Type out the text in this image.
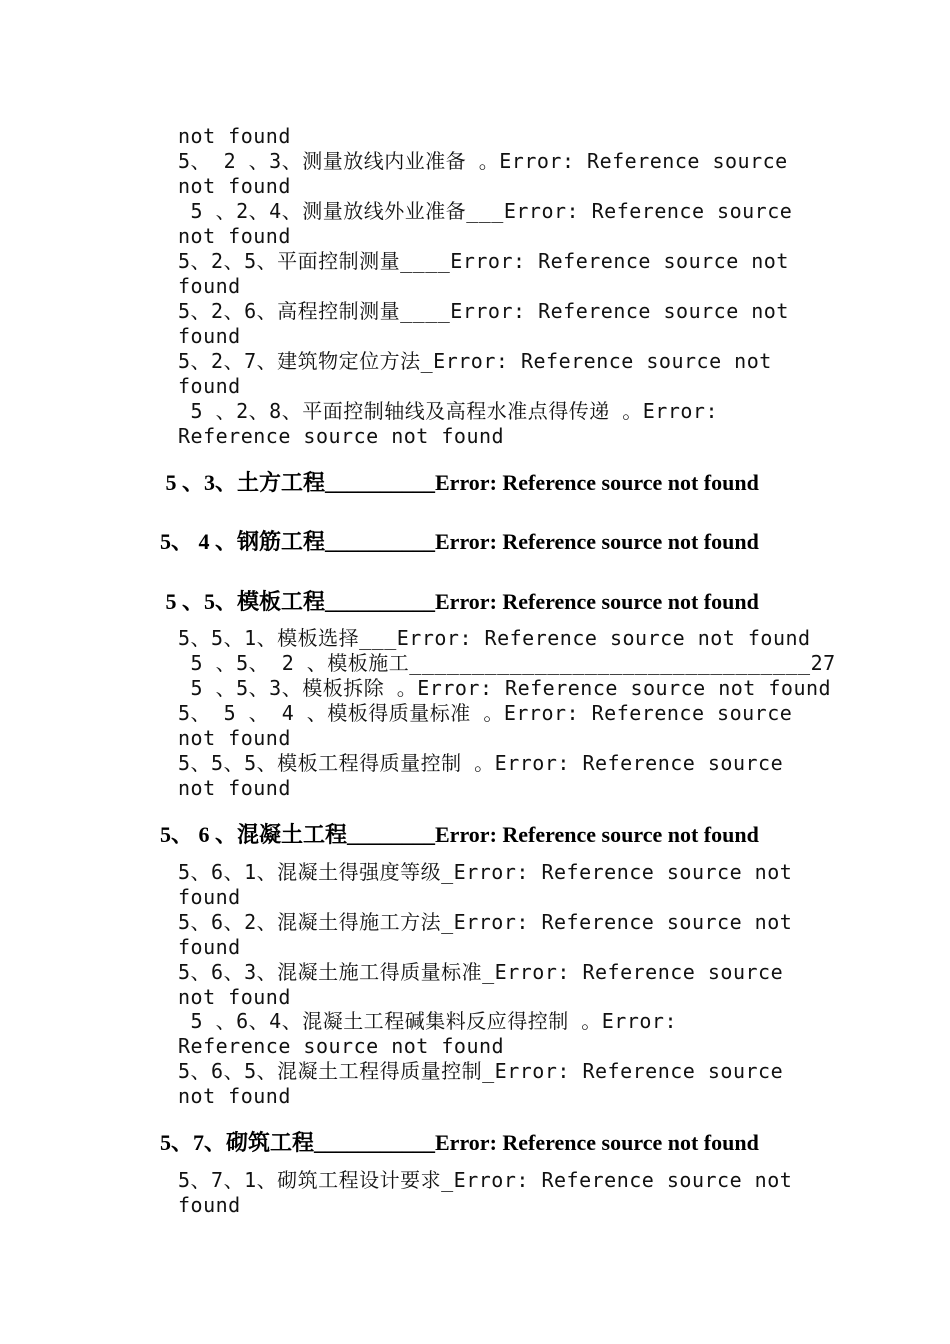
not found
5、 2 、3、测量放线内业准备 。Error: Reference source
not found
5 、2、4、测量放线外业准备___Error: Reference source
not found
5、2、5、平面控制测量____Error: Reference source not
found
5、2、6、高程控制测量____Error: Reference source not
found
5、2、7、建筑物定位方法_Error: Reference source not
found
5 、2、8、平面控制轴线及高程水准点得传递 。Error:
Reference source not found
5 、3、土方工程__________Error: Reference source not found
5、 4 、钢筋工程__________Error: Reference source not found
5 、5、模板工程__________Error: Reference source not found
5、5、1、模板选择___Error: Reference source not found
5 、5、 2 、模板施工________________________________27
5 、5、3、模板拆除 。Error: Reference source not found
5、 5 、 4 、模板得质量标准 。Error: Reference source
not found
5、5、5、模板工程得质量控制 。Error: Reference source
not found
5、 6 、混凝土工程________Error: Reference source not found
5、6、1、混凝土得强度等级_Error: Reference source not
found
5、6、2、混凝土得施工方法_Error: Reference source not
found
5、6、3、混凝土施工得质量标准_Error: Reference source
not found
5 、6、4、混凝土工程碱集料反应得控制 。Error:
Reference source not found
5、6、5、混凝土工程得质量控制_Error: Reference source
not found
5、7、砌筑工程___________Error: Reference source not found
5、7、1、砌筑工程设计要求_Error: Reference source not
found
